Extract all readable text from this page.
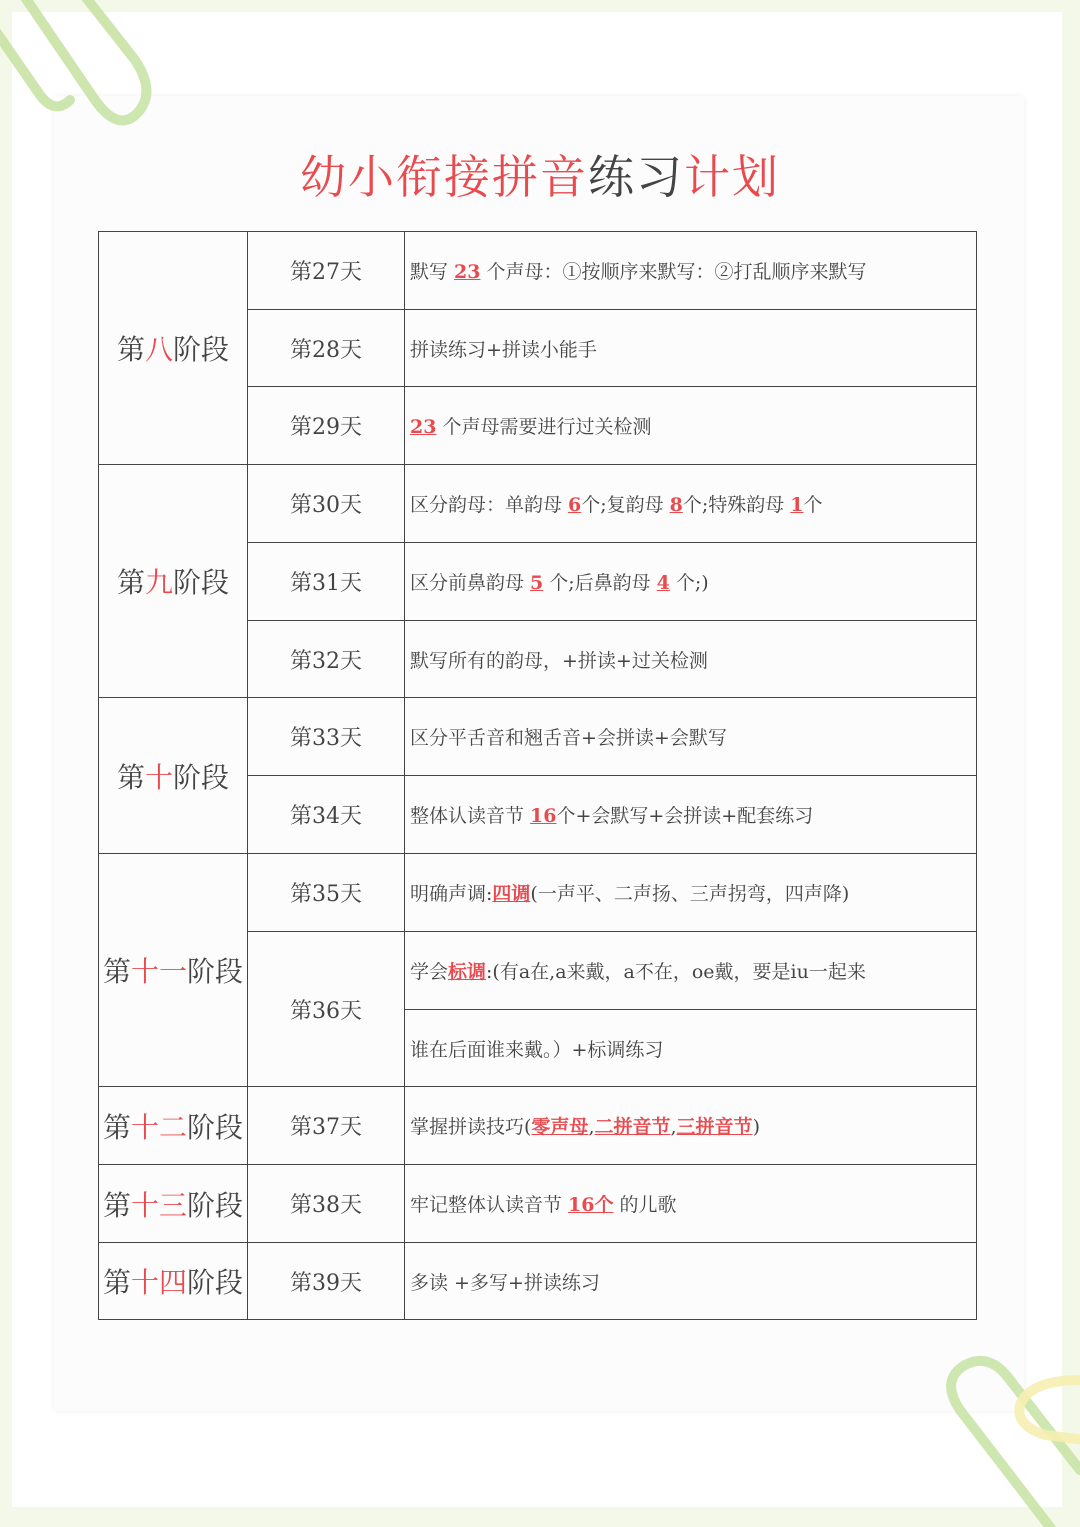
幼小衔接拼音练习计划
第八阶段	第27天	默写 23 个声母：①按顺序来默写：②打乱顺序来默写
	第28天	拼读练习+拼读小能手
	第29天	23 个声母需要进行过关检测
第九阶段	第30天	区分韵母：单韵母 6个;复韵母 8个;特殊韵母 1个
	第31天	区分前鼻韵母 5 个;后鼻韵母 4 个;)
	第32天	默写所有的韵母，+拼读+过关检测
第十阶段	第33天	区分平舌音和翘舌音+会拼读+会默写
	第34天	整体认读音节 16个+会默写+会拼读+配套练习
第十一阶段	第35天	明确声调:四调(一声平、二声扬、三声拐弯，四声降)
	第36天	学会标调:(有a在,a来戴，a不在，oe戴，要是iu一起来
		谁在后面谁来戴。）+标调练习
第十二阶段	第37天	掌握拼读技巧(零声母,二拼音节,三拼音节)
第十三阶段	第38天	牢记整体认读音节 16个 的儿歌
第十四阶段	第39天	多读 +多写+拼读练习
